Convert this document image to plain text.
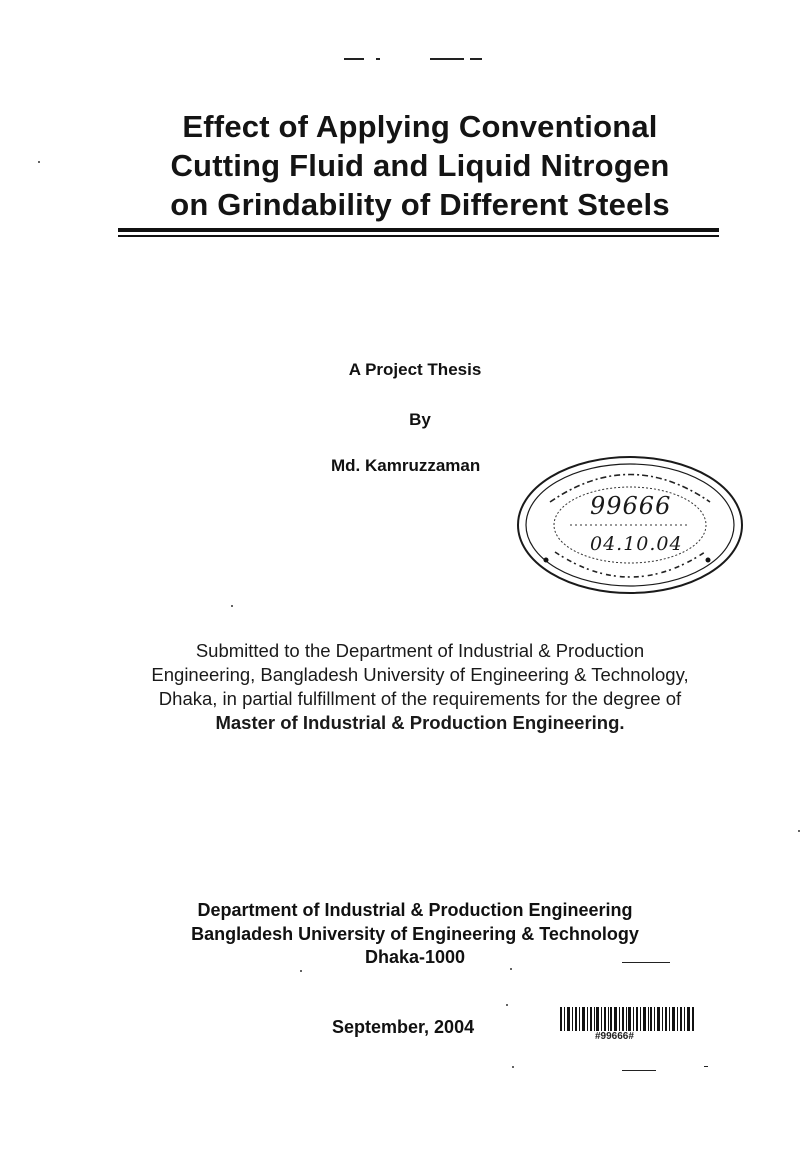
Effect of Applying Conventional
Cutting Fluid and Liquid Nitrogen
on Grindability of Different Steels
A Project Thesis
By
Md. Kamruzzaman
99666
04.10.04
Submitted to the Department of Industrial & Production
Engineering, Bangladesh University of Engineering & Technology,
Dhaka, in partial fulfillment of the requirements for the degree of
Master of Industrial & Production Engineering.
Department of Industrial & Production Engineering
Bangladesh University of Engineering & Technology
Dhaka-1000
September, 2004	#99666#
